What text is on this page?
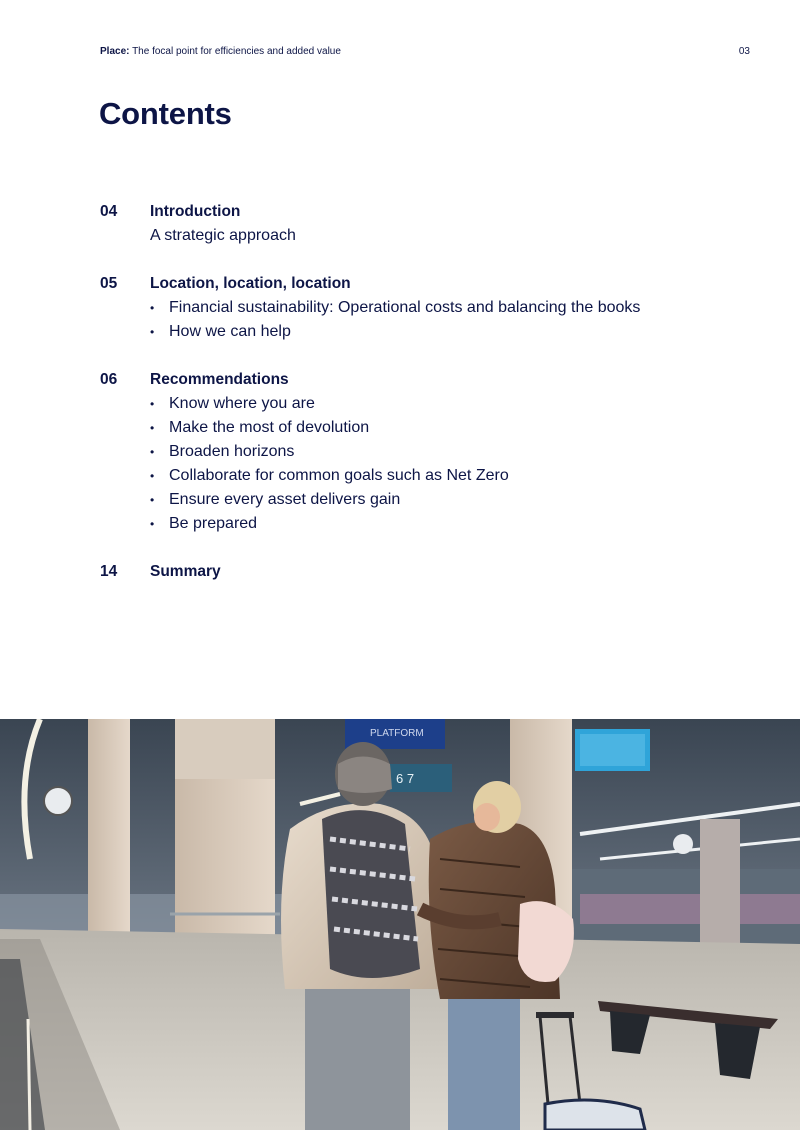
Place: The focal point for efficiencies and added value	03
Contents
04 Introduction
A strategic approach
05 Location, location, location
• Financial sustainability: Operational costs and balancing the books
• How we can help
06 Recommendations
• Know where you are
• Make the most of devolution
• Broaden horizons
• Collaborate for common goals such as Net Zero
• Ensure every asset delivers gain
• Be prepared
14 Summary
PLATFORM
6 7
